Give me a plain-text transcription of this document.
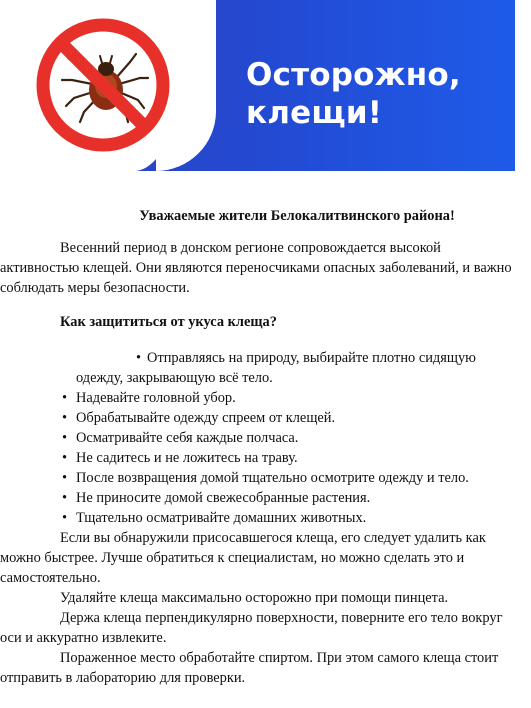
Осторожно,
клещи!

Уважаемые жители Белокалитвинского района!

Весенний период в донском регионе сопровождается высокой активностью клещей. Они являются переносчиками опасных заболеваний, и важно соблюдать меры безопасности.

Как защититься от укуса клеща?

• Отправляясь на природу, выбирайте плотно сидящую одежду, закрывающую всё тело.
• Надевайте головной убор.
• Обрабатывайте одежду спреем от клещей.
• Осматривайте себя каждые полчаса.
• Не садитесь и не ложитесь на траву.
• После возвращения домой тщательно осмотрите одежду и тело.
• Не приносите домой свежесобранные растения.
• Тщательно осматривайте домашних животных.

Если вы обнаружили присосавшегося клеща, его следует удалить как можно быстрее. Лучше обратиться к специалистам, но можно сделать это и самостоятельно.

Удаляйте клеща максимально осторожно при помощи пинцета.

Держа клеща перпендикулярно поверхности, поверните его тело вокруг оси и аккуратно извлеките.

Пораженное место обработайте спиртом. При этом самого клеща стоит отправить в лабораторию для проверки.
